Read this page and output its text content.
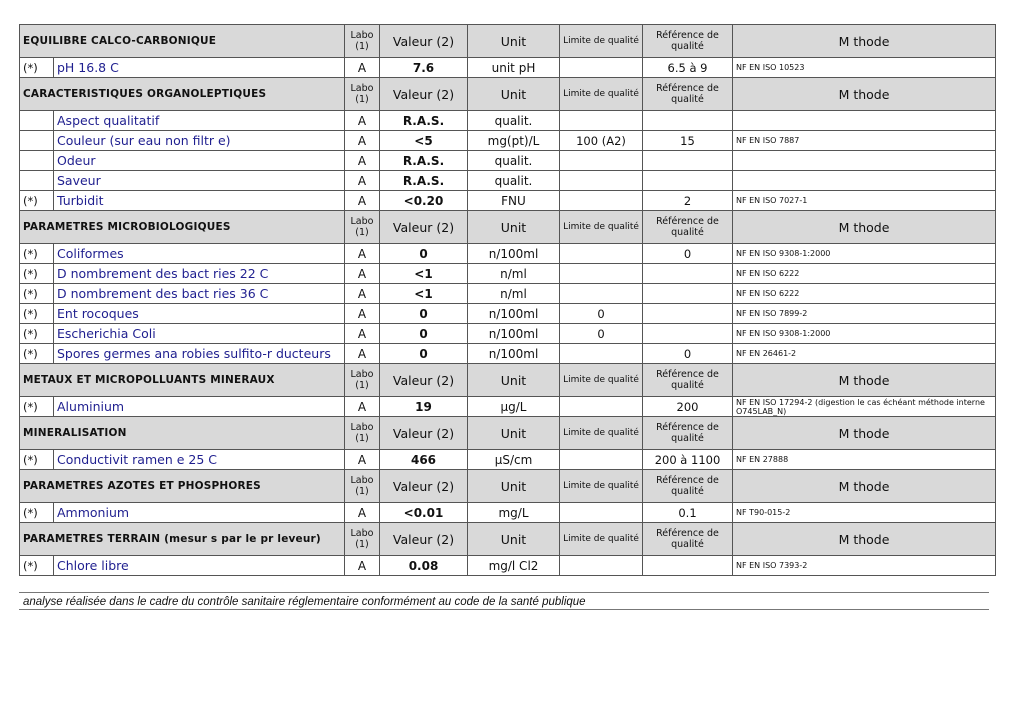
EQUILIBRE CALCO-CARBONIQUE		Labo (1)	Valeur (2)	Unit	Limite de qualité	Référence de qualité	M thode
(*)	pH 16.8 C	A	7.6	unit pH		6.5 à 9	NF EN ISO 10523
CARACTERISTIQUES ORGANOLEPTIQUES		Labo (1)	Valeur (2)	Unit	Limite de qualité	Référence de qualité	M thode
	Aspect qualitatif	A	R.A.S.	qualit.			
	Couleur (sur eau non filtr e)	A	<5	mg(pt)/L	100 (A2)	15	NF EN ISO 7887
	Odeur	A	R.A.S.	qualit.			
	Saveur	A	R.A.S.	qualit.			
(*)	Turbidit	A	<0.20	FNU		2	NF EN ISO 7027-1
PARAMETRES MICROBIOLOGIQUES		Labo (1)	Valeur (2)	Unit	Limite de qualité	Référence de qualité	M thode
(*)	Coliformes	A	0	n/100ml		0	NF EN ISO 9308-1:2000
(*)	D nombrement des bact ries 22 C	A	<1	n/ml			NF EN ISO 6222
(*)	D nombrement des bact ries 36 C	A	<1	n/ml			NF EN ISO 6222
(*)	Ent rocoques	A	0	n/100ml	0		NF EN ISO 7899-2
(*)	Escherichia Coli	A	0	n/100ml	0		NF EN ISO 9308-1:2000
(*)	Spores germes ana robies sulfito-r ducteurs	A	0	n/100ml		0	NF EN 26461-2
METAUX ET MICROPOLLUANTS MINERAUX		Labo (1)	Valeur (2)	Unit	Limite de qualité	Référence de qualité	M thode
(*)	Aluminium	A	19	µg/L		200	NF EN ISO 17294-2 (digestion le cas échéant méthode interne O745LAB_N)
MINERALISATION		Labo (1)	Valeur (2)	Unit	Limite de qualité	Référence de qualité	M thode
(*)	Conductivit ramen e 25 C	A	466	µS/cm		200 à 1100	NF EN 27888
PARAMETRES AZOTES ET PHOSPHORES		Labo (1)	Valeur (2)	Unit	Limite de qualité	Référence de qualité	M thode
(*)	Ammonium	A	<0.01	mg/L		0.1	NF T90-015-2
PARAMETRES TERRAIN (mesur s par le pr leveur)		Labo (1)	Valeur (2)	Unit	Limite de qualité	Référence de qualité	M thode
(*)	Chlore libre	A	0.08	mg/l Cl2			NF EN ISO 7393-2
analyse réalisée dans le cadre du contrôle sanitaire réglementaire conformément au code de la santé publique
